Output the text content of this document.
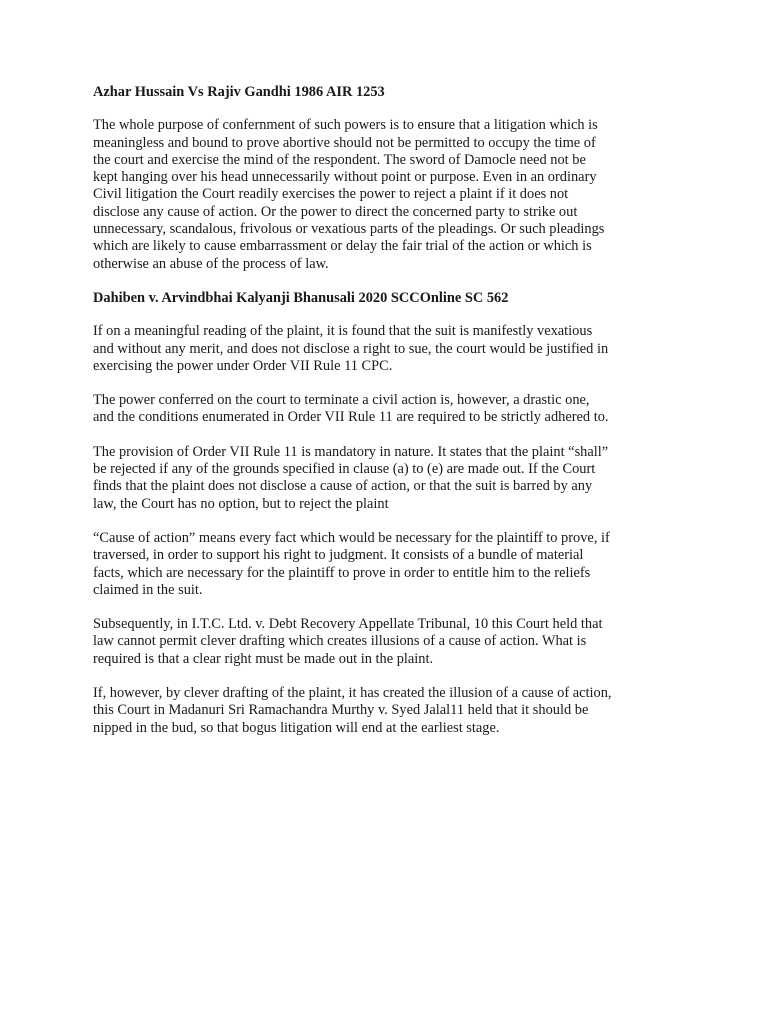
Azhar Hussain Vs Rajiv Gandhi 1986 AIR 1253
The whole purpose of confernment of such powers is to ensure that a litigation which is
meaningless and bound to prove abortive should not be permitted to occupy the time of
the court and exercise the mind of the respondent. The sword of Damocle need not be
kept hanging over his head unnecessarily without point or purpose. Even in an ordinary
Civil litigation the Court readily exercises the power to reject a plaint if it does not
disclose any cause of action. Or the power to direct the concerned party to strike out
unnecessary, scandalous, frivolous or vexatious parts of the pleadings. Or such pleadings
which are likely to cause embarrassment or delay the fair trial of the action or which is
otherwise an abuse of the process of law.
Dahiben v. Arvindbhai Kalyanji Bhanusali 2020 SCCOnline SC 562
If on a meaningful reading of the plaint, it is found that the suit is manifestly vexatious
and without any merit, and does not disclose a right to sue, the court would be justified in
exercising the power under Order VII Rule 11 CPC.
The power conferred on the court to terminate a civil action is, however, a drastic one,
and the conditions enumerated in Order VII Rule 11 are required to be strictly adhered to.
The provision of Order VII Rule 11 is mandatory in nature. It states that the plaint “shall”
be rejected if any of the grounds specified in clause (a) to (e) are made out. If the Court
finds that the plaint does not disclose a cause of action, or that the suit is barred by any
law, the Court has no option, but to reject the plaint
“Cause of action” means every fact which would be necessary for the plaintiff to prove, if
traversed, in order to support his right to judgment. It consists of a bundle of material
facts, which are necessary for the plaintiff to prove in order to entitle him to the reliefs
claimed in the suit.
Subsequently, in I.T.C. Ltd. v. Debt Recovery Appellate Tribunal, 10 this Court held that
law cannot permit clever drafting which creates illusions of a cause of action. What is
required is that a clear right must be made out in the plaint.
If, however, by clever drafting of the plaint, it has created the illusion of a cause of action,
this Court in Madanuri Sri Ramachandra Murthy v. Syed Jalal11 held that it should be
nipped in the bud, so that bogus litigation will end at the earliest stage.
